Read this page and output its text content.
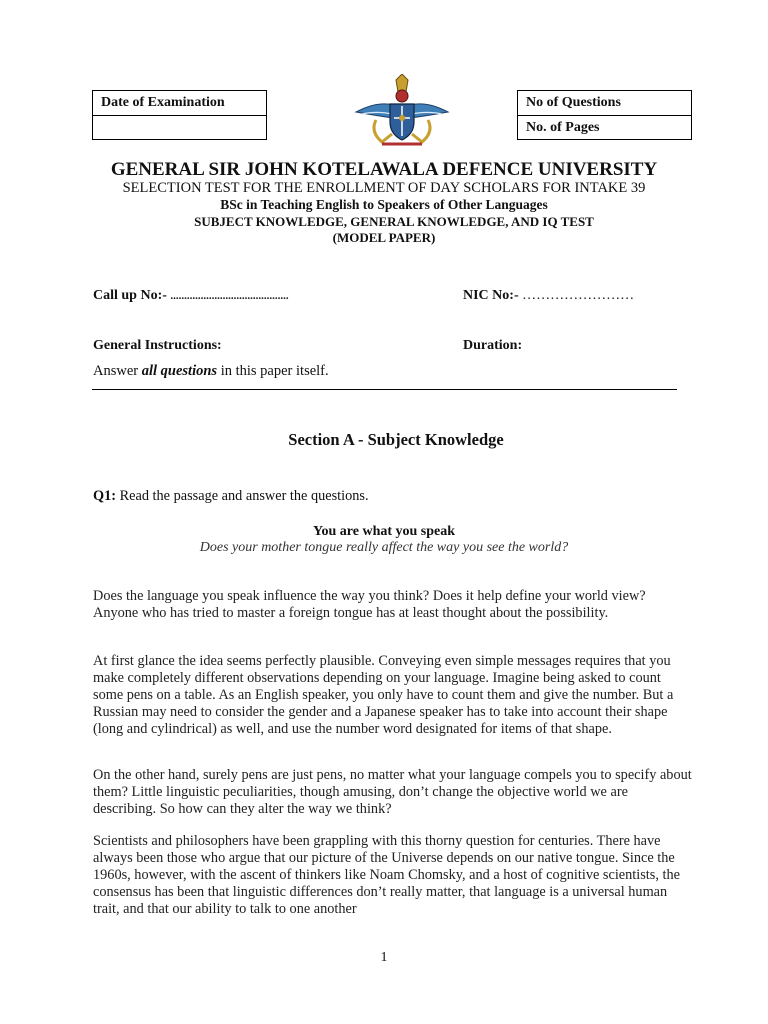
Date of Examination	No of Questions
No. of Pages
GENERAL SIR JOHN KOTELAWALA DEFENCE UNIVERSITY
SELECTION TEST FOR THE ENROLLMENT OF DAY SCHOLARS FOR INTAKE 39
BSc in Teaching English to Speakers of Other Languages
SUBJECT KNOWLEDGE, GENERAL KNOWLEDGE, AND IQ TEST
(MODEL PAPER)
Call up No:- ...........................................	NIC No:- ……………………
General Instructions:	Duration:
Answer all questions in this paper itself.
Section A - Subject Knowledge
Q1: Read the passage and answer the questions.
You are what you speak
Does your mother tongue really affect the way you see the world?
Does the language you speak influence the way you think? Does it help define your world view? Anyone who has tried to master a foreign tongue has at least thought about the possibility.
At first glance the idea seems perfectly plausible. Conveying even simple messages requires that you make completely different observations depending on your language. Imagine being asked to count some pens on a table. As an English speaker, you only have to count them and give the number. But a Russian may need to consider the gender and a Japanese speaker has to take into account their shape (long and cylindrical) as well, and use the number word designated for items of that shape.
On the other hand, surely pens are just pens, no matter what your language compels you to specify about them? Little linguistic peculiarities, though amusing, don’t change the objective world we are describing. So how can they alter the way we think?
Scientists and philosophers have been grappling with this thorny question for centuries. There have always been those who argue that our picture of the Universe depends on our native tongue. Since the 1960s, however, with the ascent of thinkers like Noam Chomsky, and a host of cognitive scientists, the consensus has been that linguistic differences don’t really matter, that language is a universal human trait, and that our ability to talk to one another
1
